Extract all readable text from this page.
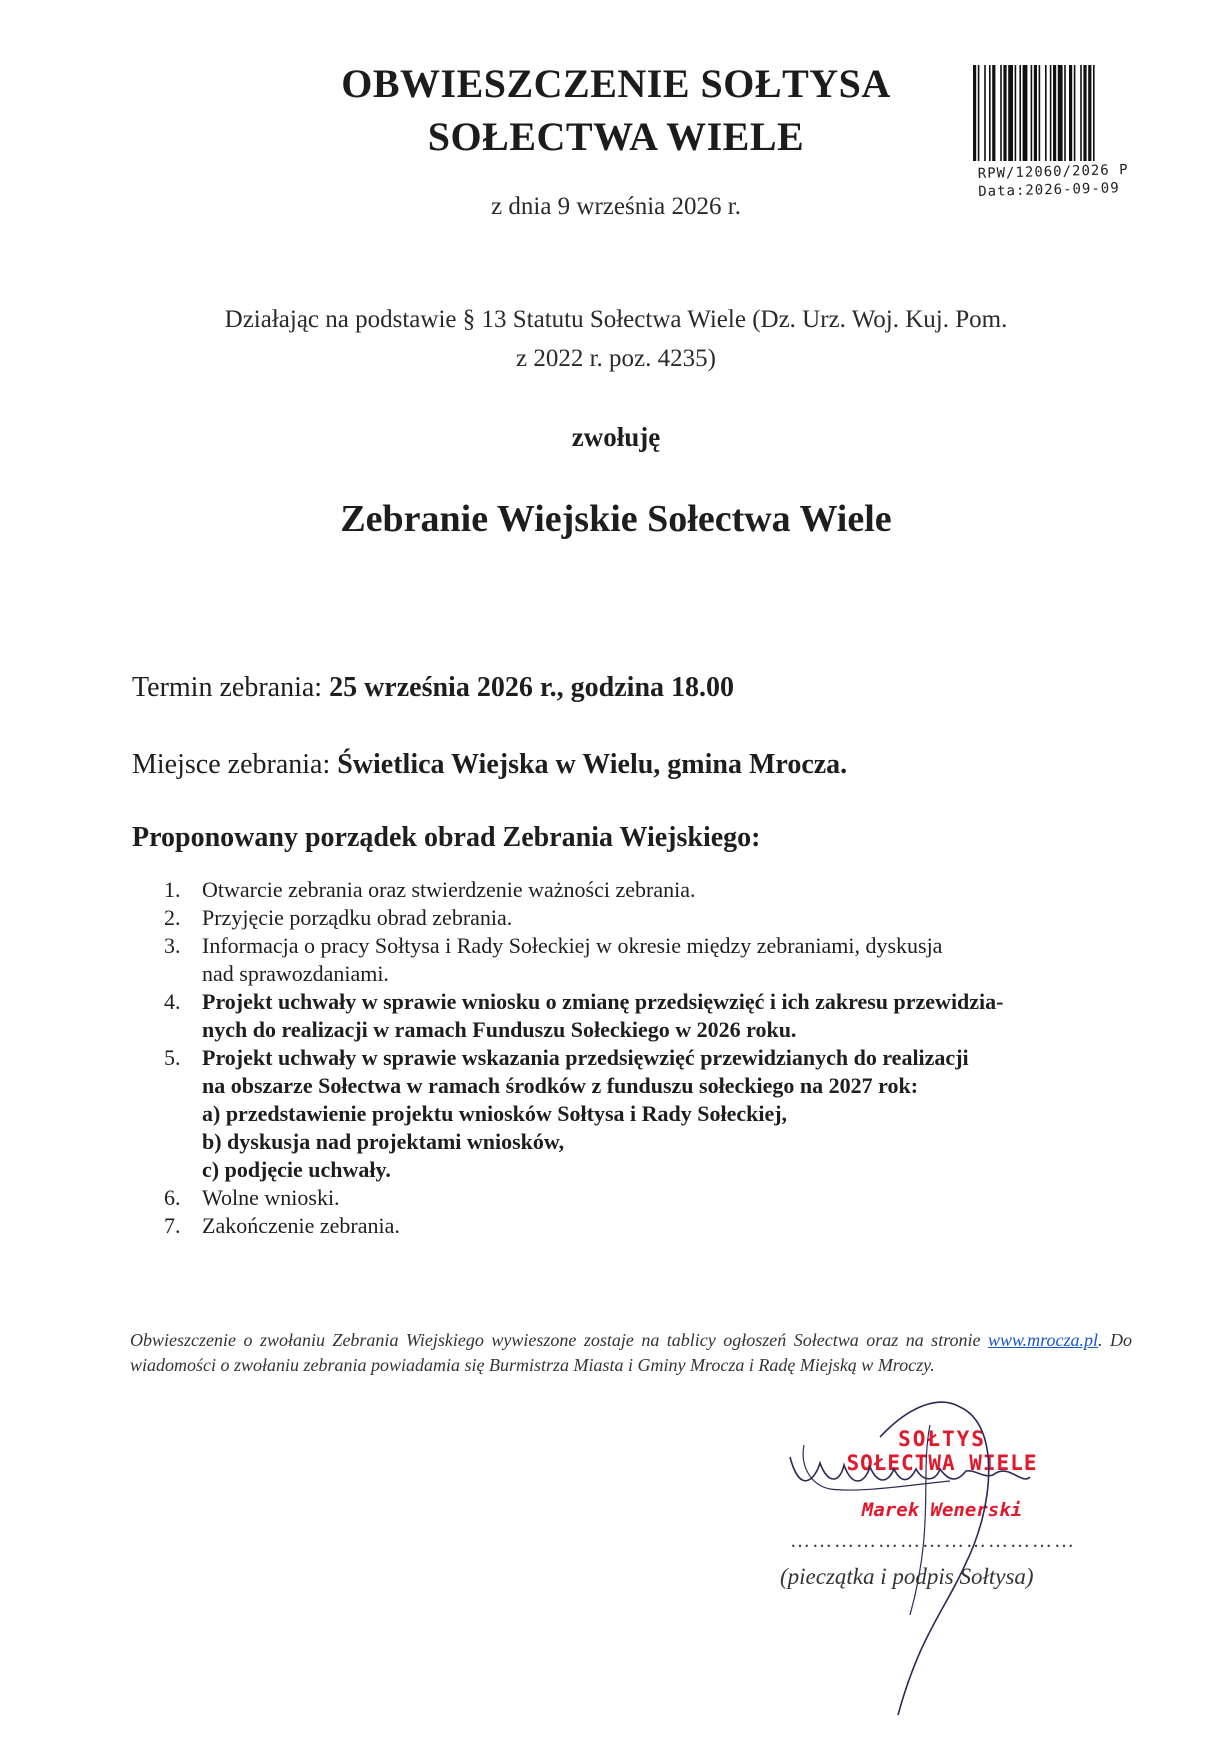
OBWIESZCZENIE SOŁTYSA
SOŁECTWA WIELE
z dnia 9 września 2026 r.
RPW/12060/2026 P
Data:2026-09-09
Działając na podstawie § 13 Statutu Sołectwa Wiele (Dz. Urz. Woj. Kuj. Pom.
z 2022 r. poz. 4235)
zwołuję
Zebranie Wiejskie Sołectwa Wiele
Termin zebrania: 25 września 2026 r., godzina 18.00
Miejsce zebrania: Świetlica Wiejska w Wielu, gmina Mrocza.
Proponowany porządek obrad Zebrania Wiejskiego:
1. Otwarcie zebrania oraz stwierdzenie ważności zebrania.
2. Przyjęcie porządku obrad zebrania.
3. Informacja o pracy Sołtysa i Rady Sołeckiej w okresie między zebraniami, dyskusja
nad sprawozdaniami.
4. Projekt uchwały w sprawie wniosku o zmianę przedsięwzięć i ich zakresu przewidzia-
nych do realizacji w ramach Funduszu Sołeckiego w 2026 roku.
5. Projekt uchwały w sprawie wskazania przedsięwzięć przewidzianych do realizacji
na obszarze Sołectwa w ramach środków z funduszu sołeckiego na 2027 rok:
a) przedstawienie projektu wniosków Sołtysa i Rady Sołeckiej,
b) dyskusja nad projektami wniosków,
c) podjęcie uchwały.
6. Wolne wnioski.
7. Zakończenie zebrania.
Obwieszczenie o zwołaniu Zebrania Wiejskiego wywieszone zostaje na tablicy ogłoszeń Sołectwa oraz na stronie www.mrocza.pl. Do wiadomości o zwołaniu zebrania powiadamia się Burmistrza Miasta i Gminy Mrocza i Radę Miejską w Mroczy.
SOŁTYS
SOŁECTWA WIELE
Marek Wenerski
…………………………………
(pieczątka i podpis Sołtysa)
